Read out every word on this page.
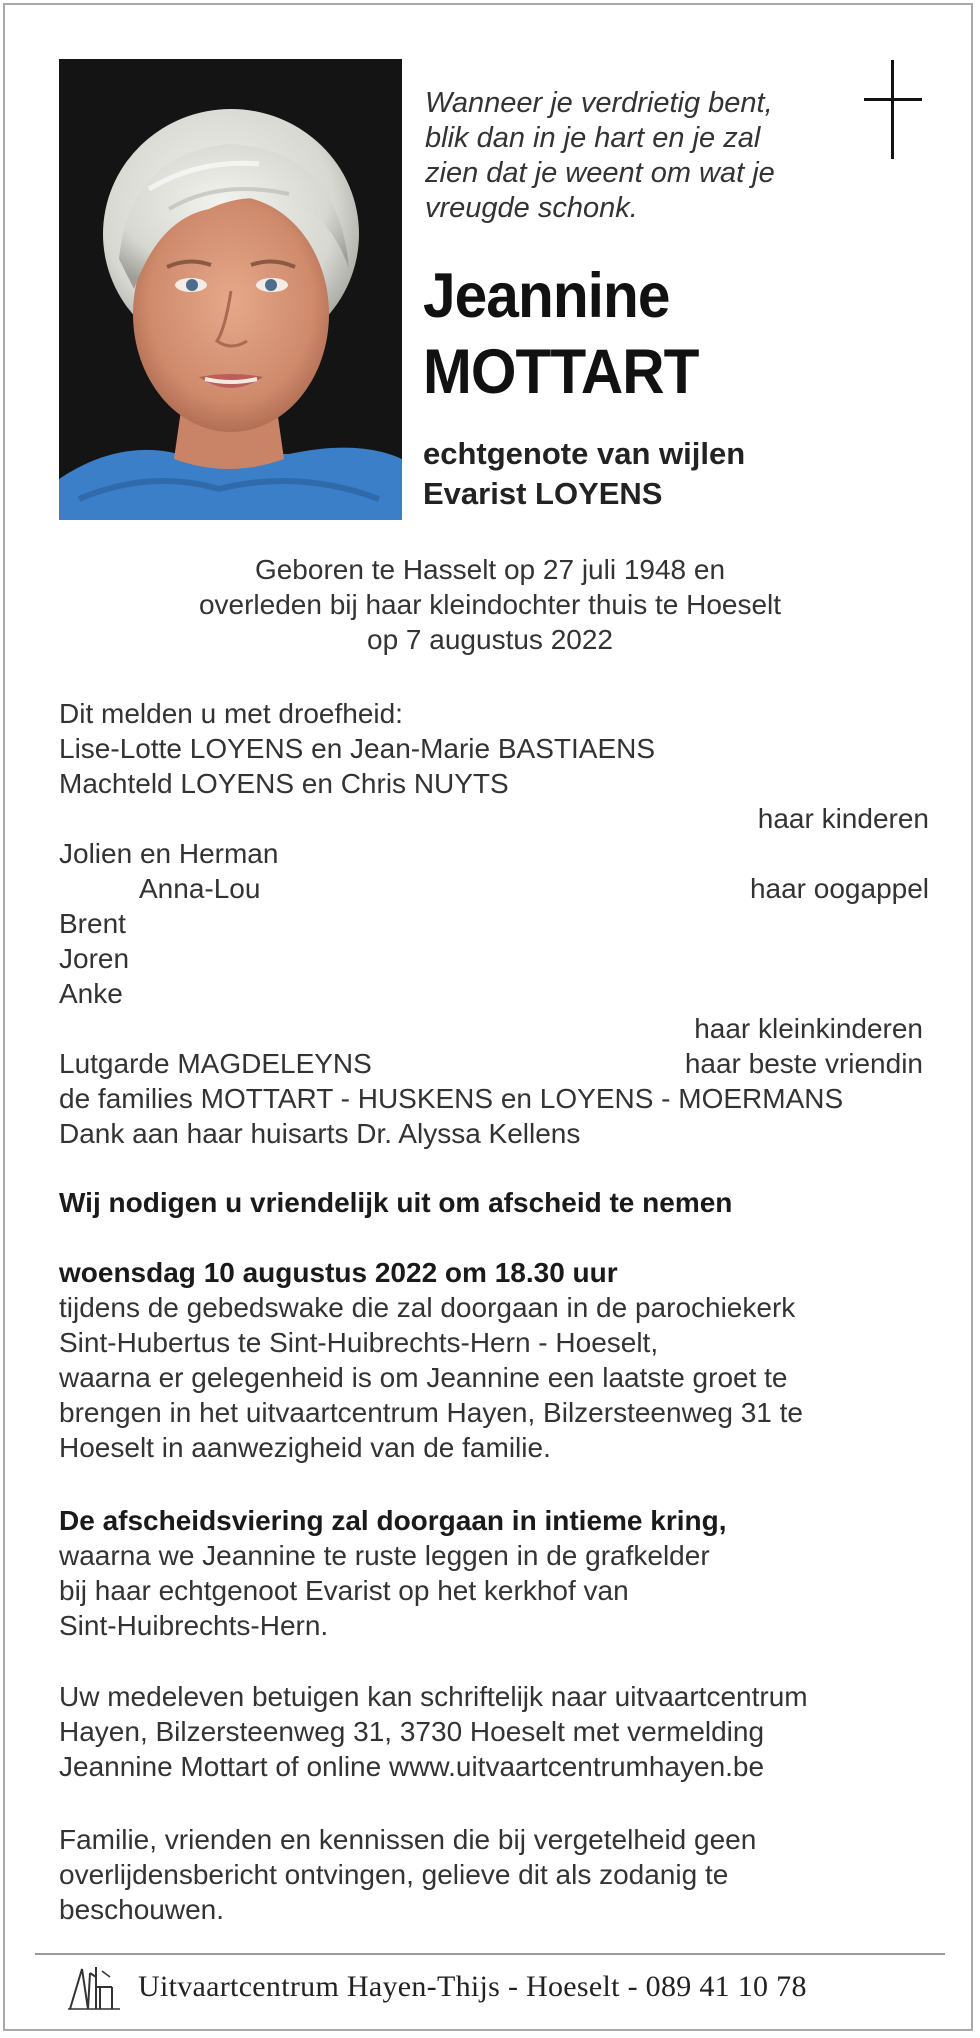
Wanneer je verdrietig bent,
blik dan in je hart en je zal
zien dat je weent om wat je
vreugde schonk.
Jeannine
MOTTART
echtgenote van wijlen
Evarist LOYENS
Geboren te Hasselt op 27 juli 1948 en
overleden bij haar kleindochter thuis te Hoeselt
op 7 augustus 2022
Dit melden u met droefheid:
Lise-Lotte LOYENS en Jean-Marie BASTIAENS
Machteld LOYENS en Chris NUYTS
haar kinderen
Jolien en Herman
Anna-Lou	haar oogappel
Brent
Joren
Anke
haar kleinkinderen
Lutgarde MAGDELEYNS	haar beste vriendin
de families MOTTART - HUSKENS en LOYENS - MOERMANS
Dank aan haar huisarts Dr. Alyssa Kellens
Wij nodigen u vriendelijk uit om afscheid te nemen
woensdag 10 augustus 2022 om 18.30 uur
tijdens de gebedswake die zal doorgaan in de parochiekerk
Sint-Hubertus te Sint-Huibrechts-Hern - Hoeselt,
waarna er gelegenheid is om Jeannine een laatste groet te
brengen in het uitvaartcentrum Hayen, Bilzersteenweg 31 te
Hoeselt in aanwezigheid van de familie.
De afscheidsviering zal doorgaan in intieme kring,
waarna we Jeannine te ruste leggen in de grafkelder
bij haar echtgenoot Evarist op het kerkhof van
Sint-Huibrechts-Hern.
Uw medeleven betuigen kan schriftelijk naar uitvaartcentrum
Hayen, Bilzersteenweg 31, 3730 Hoeselt met vermelding
Jeannine Mottart of online www.uitvaartcentrumhayen.be
Familie, vrienden en kennissen die bij vergetelheid geen
overlijdensbericht ontvingen, gelieve dit als zodanig te
beschouwen.
Uitvaartcentrum Hayen-Thijs - Hoeselt - 089 41 10 78
